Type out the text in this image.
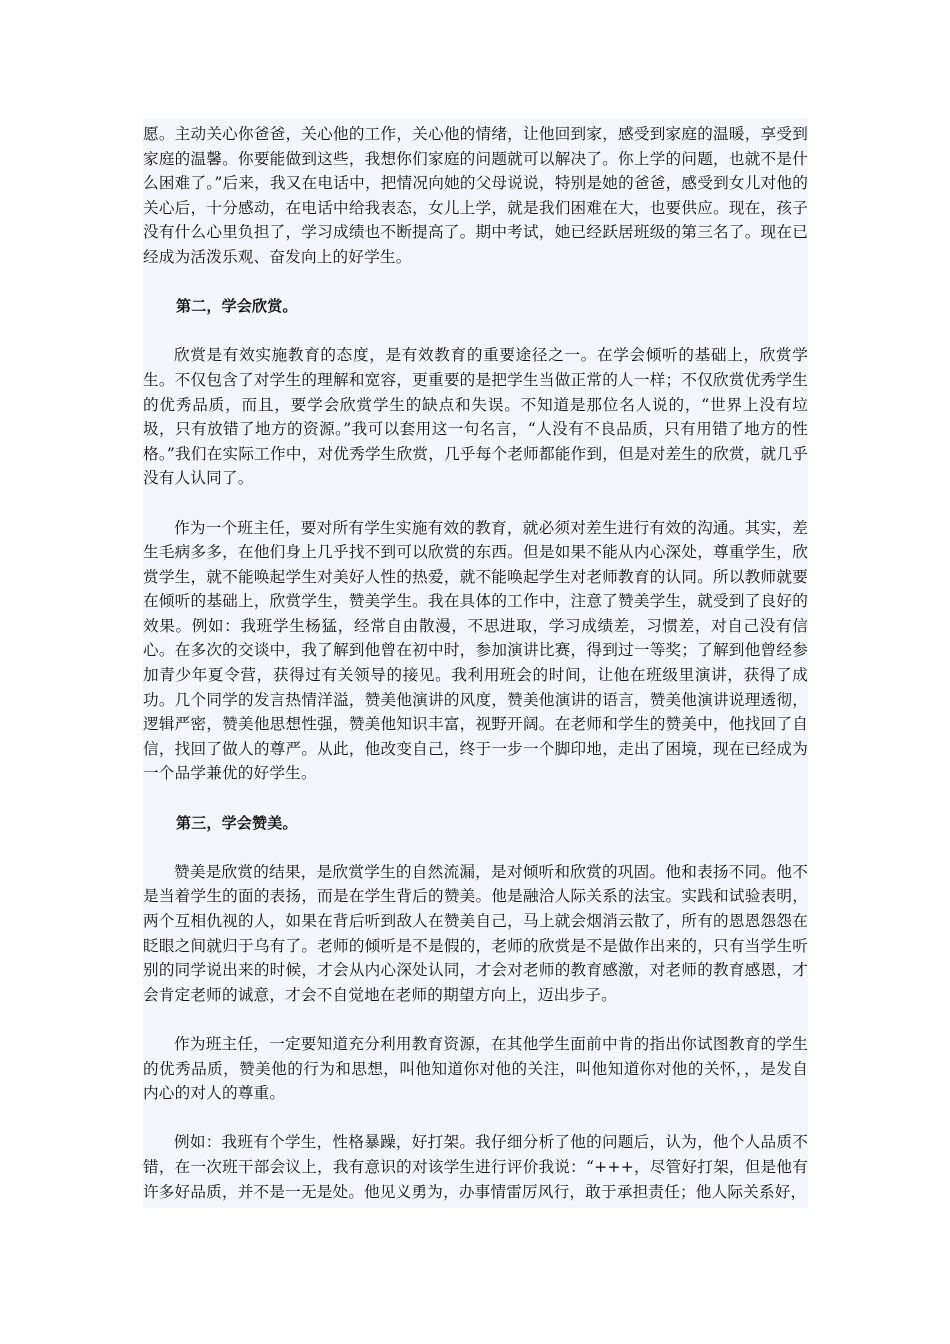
愿。主动关心你爸爸，关心他的工作，关心他的情绪，让他回到家，感受到家庭的温暖，享受到家庭的温馨。你要能做到这些，我想你们家庭的问题就可以解决了。你上学的问题，也就不是什么困难了。”后来，我又在电话中，把情况向她的父母说说，特别是她的爸爸，感受到女儿对他的关心后，十分感动，在电话中给我表态，女儿上学，就是我们困难在大，也要供应。现在，孩子没有什么心里负担了，学习成绩也不断提高了。期中考试，她已经跃居班级的第三名了。现在已经成为活泼乐观、奋发向上的好学生。

第二，学会欣赏。

欣赏是有效实施教育的态度，是有效教育的重要途径之一。在学会倾听的基础上，欣赏学生。不仅包含了对学生的理解和宽容，更重要的是把学生当做正常的人一样；不仅欣赏优秀学生的优秀品质，而且，要学会欣赏学生的缺点和失误。不知道是那位名人说的，“世界上没有垃圾，只有放错了地方的资源。”我可以套用这一句名言，“人没有不良品质，只有用错了地方的性格。”我们在实际工作中，对优秀学生欣赏，几乎每个老师都能作到，但是对差生的欣赏，就几乎没有人认同了。

作为一个班主任，要对所有学生实施有效的教育，就必须对差生进行有效的沟通。其实，差生毛病多多，在他们身上几乎找不到可以欣赏的东西。但是如果不能从内心深处，尊重学生，欣赏学生，就不能唤起学生对美好人性的热爱，就不能唤起学生对老师教育的认同。所以教师就要在倾听的基础上，欣赏学生，赞美学生。我在具体的工作中，注意了赞美学生，就受到了良好的效果。例如：我班学生杨猛，经常自由散漫，不思进取，学习成绩差，习惯差，对自己没有信心。在多次的交谈中，我了解到他曾在初中时，参加演讲比赛，得到过一等奖；了解到他曾经参加青少年夏令营，获得过有关领导的接见。我利用班会的时间，让他在班级里演讲，获得了成功。几个同学的发言热情洋溢，赞美他演讲的风度，赞美他演讲的语言，赞美他演讲说理透彻，逻辑严密，赞美他思想性强，赞美他知识丰富，视野开阔。在老师和学生的赞美中，他找回了自信，找回了做人的尊严。从此，他改变自己，终于一步一个脚印地，走出了困境，现在已经成为一个品学兼优的好学生。

第三，学会赞美。

赞美是欣赏的结果，是欣赏学生的自然流漏，是对倾听和欣赏的巩固。他和表扬不同。他不是当着学生的面的表扬，而是在学生背后的赞美。他是融洽人际关系的法宝。实践和试验表明，两个互相仇视的人，如果在背后听到敌人在赞美自己，马上就会烟消云散了，所有的恩恩怨怨在眨眼之间就归于乌有了。老师的倾听是不是假的，老师的欣赏是不是做作出来的，只有当学生听别的同学说出来的时候，才会从内心深处认同，才会对老师的教育感激，对老师的教育感恩，才会肯定老师的诚意，才会不自觉地在老师的期望方向上，迈出步子。

作为班主任，一定要知道充分利用教育资源，在其他学生面前中肯的指出你试图教育的学生的优秀品质，赞美他的行为和思想，叫他知道你对他的关注，叫他知道你对他的关怀，，是发自内心的对人的尊重。

例如：我班有个学生，性格暴躁，好打架。我仔细分析了他的问题后，认为，他个人品质不错，在一次班干部会议上，我有意识的对该学生进行评价我说：“+++，尽管好打架，但是他有许多好品质，并不是一无是处。他见义勇为，办事情雷厉风行，敢于承担责任；他人际关系好，
